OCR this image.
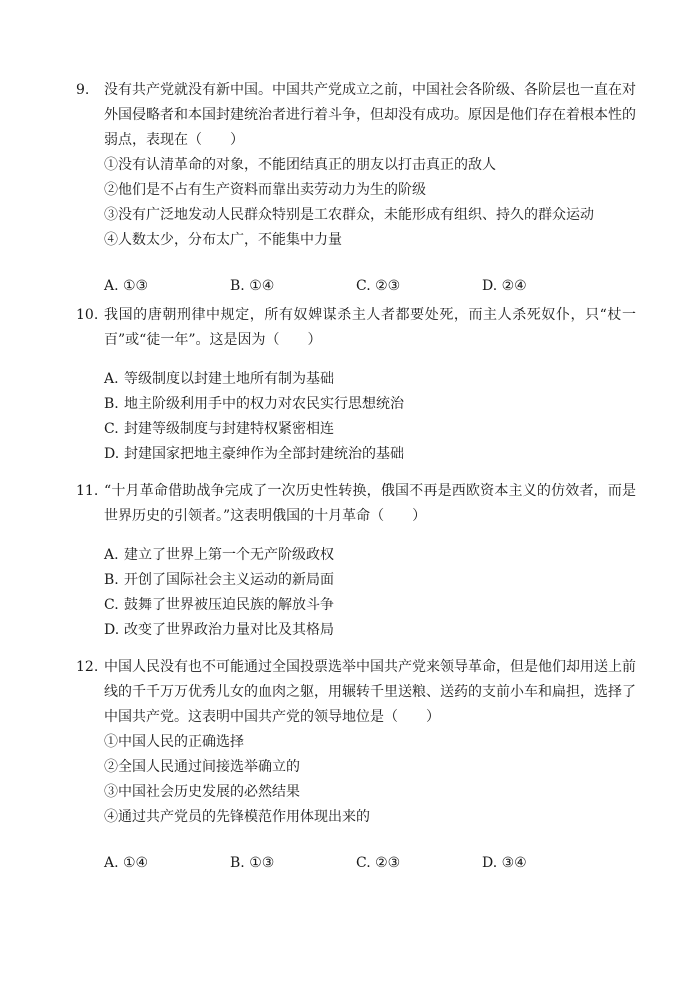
9.	没有共产党就没有新中国。中国共产党成立之前，中国社会各阶级、各阶层也一直在对外国侵略者和本国封建统治者进行着斗争，但却没有成功。原因是他们存在着根本性的弱点，表现在（　　）
①没有认清革命的对象，不能团结真正的朋友以打击真正的敌人
②他们是不占有生产资料而靠出卖劳动力为生的阶级
③没有广泛地发动人民群众特别是工农群众，未能形成有组织、持久的群众运动
④人数太少，分布太广，不能集中力量
A. ①③	B. ①④	C. ②③	D. ②④
10. 我国的唐朝刑律中规定，所有奴婢谋杀主人者都要处死，而主人杀死奴仆，只“杖一百”或“徒一年”。这是因为（　　）
A. 等级制度以封建土地所有制为基础
B. 地主阶级利用手中的权力对农民实行思想统治
C. 封建等级制度与封建特权紧密相连
D. 封建国家把地主豪绅作为全部封建统治的基础
11. “十月革命借助战争完成了一次历史性转换，俄国不再是西欧资本主义的仿效者，而是世界历史的引领者。”这表明俄国的十月革命（　　）
A. 建立了世界上第一个无产阶级政权
B. 开创了国际社会主义运动的新局面
C. 鼓舞了世界被压迫民族的解放斗争
D. 改变了世界政治力量对比及其格局
12. 中国人民没有也不可能通过全国投票选举中国共产党来领导革命，但是他们却用送上前线的千千万万优秀儿女的血肉之躯，用辗转千里送粮、送药的支前小车和扁担，选择了中国共产党。这表明中国共产党的领导地位是（　　）
①中国人民的正确选择
②全国人民通过间接选举确立的
③中国社会历史发展的必然结果
④通过共产党员的先锋模范作用体现出来的
A. ①④	B. ①③	C. ②③	D. ③④
